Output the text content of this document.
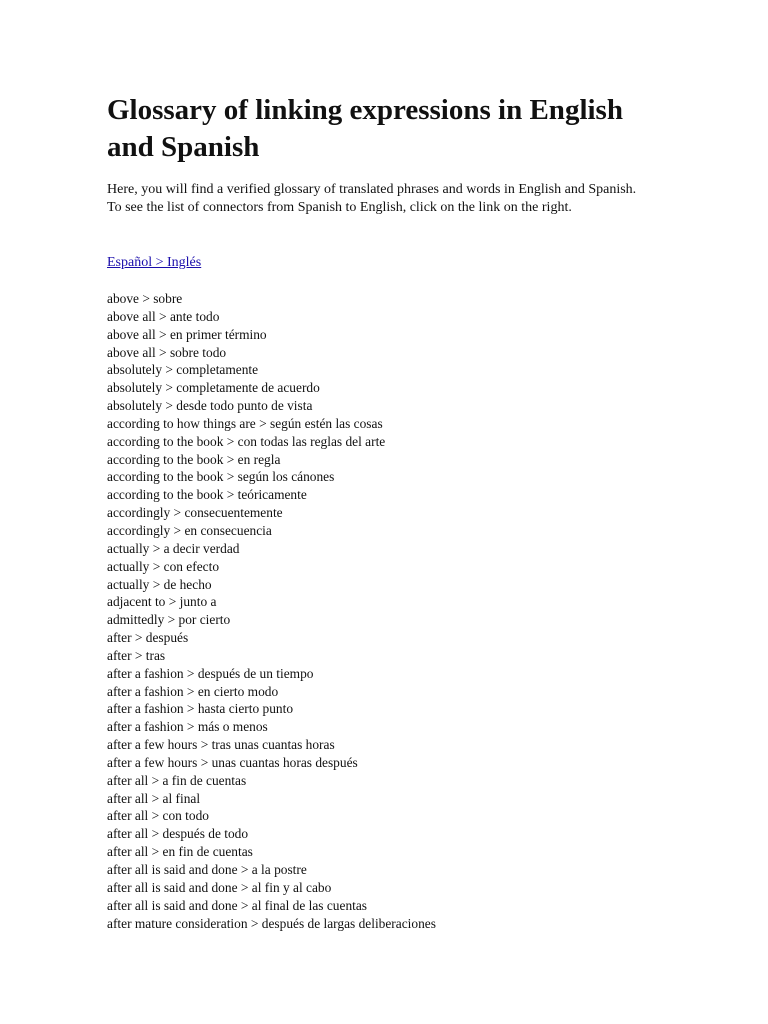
Glossary of linking expressions in English and Spanish

Here, you will find a verified glossary of translated phrases and words in English and Spanish. To see the list of connectors from Spanish to English, click on the link on the right.

Español > Inglés
above > sobre
above all > ante todo
above all > en primer término
above all > sobre todo
absolutely > completamente
absolutely > completamente de acuerdo
absolutely > desde todo punto de vista
according to how things are > según estén las cosas
according to the book > con todas las reglas del arte
according to the book > en regla
according to the book > según los cánones
according to the book > teóricamente
accordingly > consecuentemente
accordingly > en consecuencia
actually > a decir verdad
actually > con efecto
actually > de hecho
adjacent to > junto a
admittedly > por cierto
after > después
after > tras
after a fashion > después de un tiempo
after a fashion > en cierto modo
after a fashion > hasta cierto punto
after a fashion > más o menos
after a few hours > tras unas cuantas horas
after a few hours > unas cuantas horas después
after all > a fin de cuentas
after all > al final
after all > con todo
after all > después de todo
after all > en fin de cuentas
after all is said and done > a la postre
after all is said and done > al fin y al cabo
after all is said and done > al final de las cuentas
after mature consideration > después de largas deliberaciones
